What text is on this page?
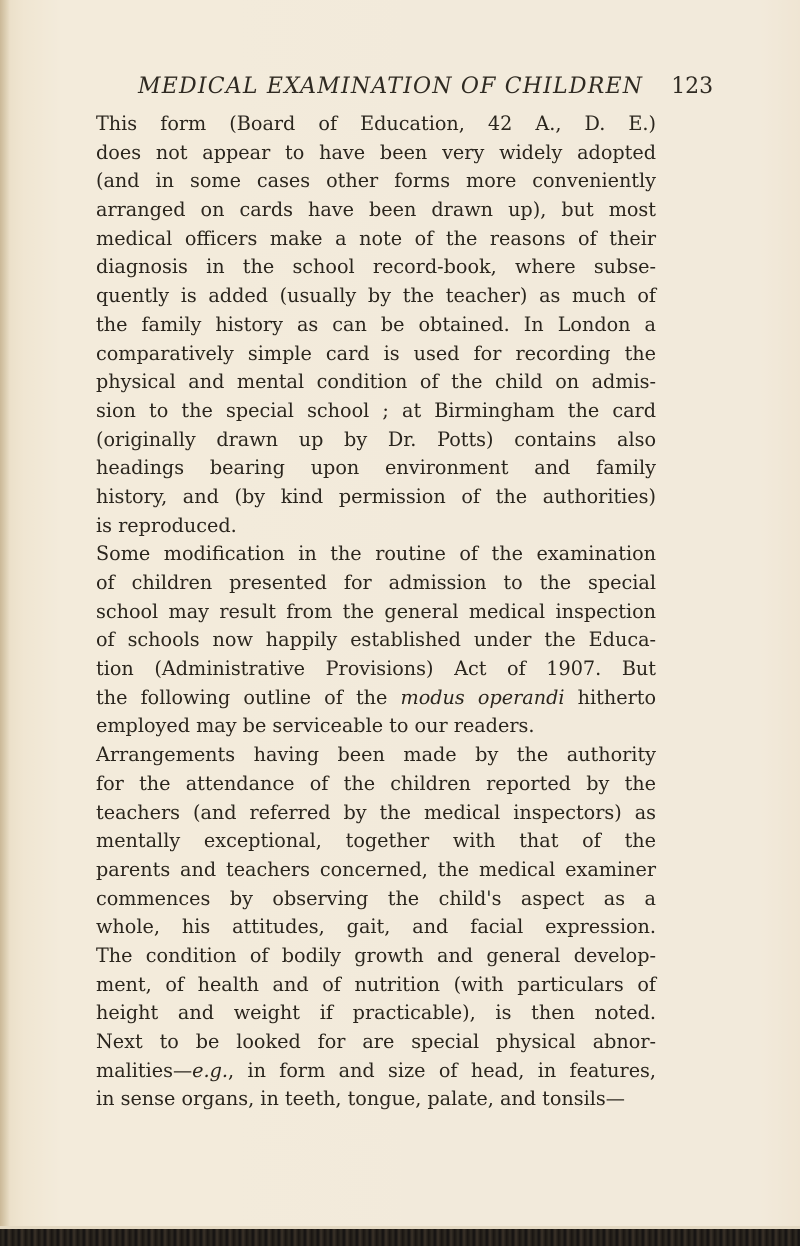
MEDICAL EXAMINATION OF CHILDREN 123
This form (Board of Education, 42 A., D. E.)
does not appear to have been very widely adopted
(and in some cases other forms more conveniently
arranged on cards have been drawn up), but most
medical officers make a note of the reasons of their
diagnosis in the school record-book, where subse-
quently is added (usually by the teacher) as much of
the family history as can be obtained. In London a
comparatively simple card is used for recording the
physical and mental condition of the child on admis-
sion to the special school ; at Birmingham the card
(originally drawn up by Dr. Potts) contains also
headings bearing upon environment and family
history, and (by kind permission of the authorities)
is reproduced.
Some modification in the routine of the examination
of children presented for admission to the special
school may result from the general medical inspection
of schools now happily established under the Educa-
tion (Administrative Provisions) Act of 1907. But
the following outline of the modus operandi hitherto
employed may be serviceable to our readers.
Arrangements having been made by the authority
for the attendance of the children reported by the
teachers (and referred by the medical inspectors) as
mentally exceptional, together with that of the
parents and teachers concerned, the medical examiner
commences by observing the child's aspect as a
whole, his attitudes, gait, and facial expression.
The condition of bodily growth and general develop-
ment, of health and of nutrition (with particulars of
height and weight if practicable), is then noted.
Next to be looked for are special physical abnor-
malities—e.g., in form and size of head, in features,
in sense organs, in teeth, tongue, palate, and tonsils—
